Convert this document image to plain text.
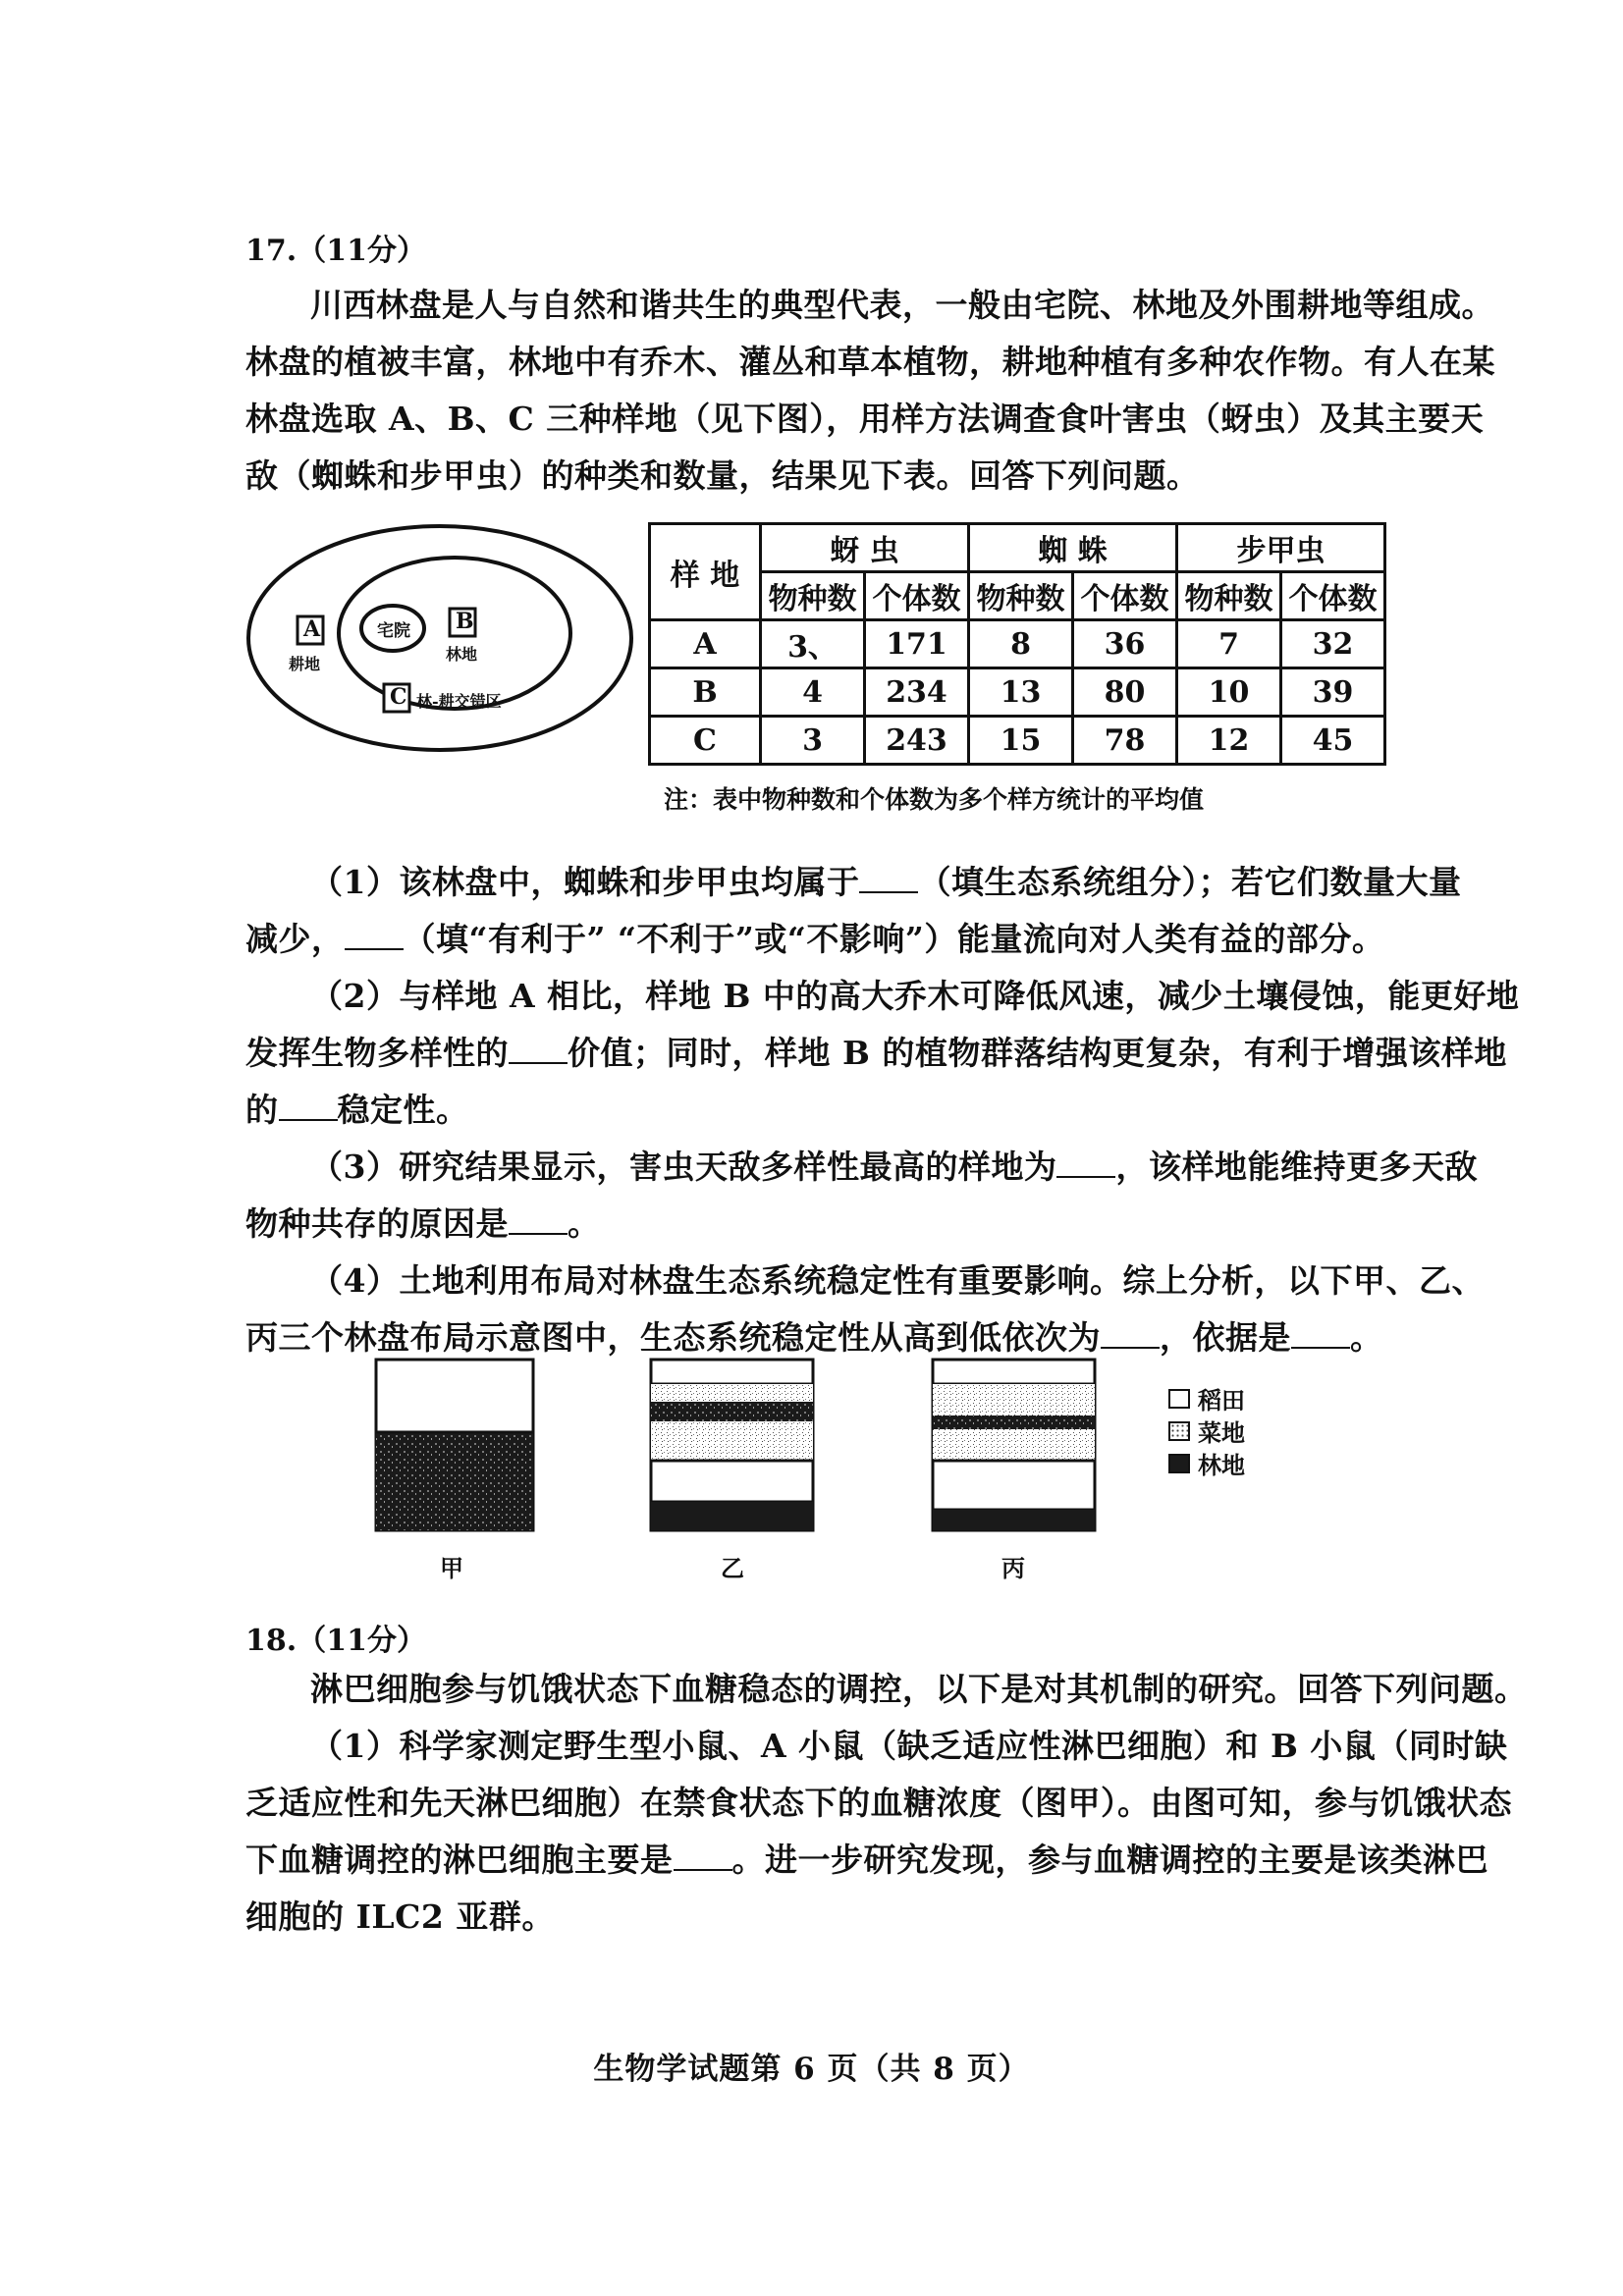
17.（11分）
川西林盘是人与自然和谐共生的典型代表，一般由宅院、林地及外围耕地等组成。
林盘的植被丰富，林地中有乔木、灌丛和草本植物，耕地种植有多种农作物。有人在某
林盘选取 A、B、C 三种样地（见下图），用样方法调查食叶害虫（蚜虫）及其主要天
敌（蜘蛛和步甲虫）的种类和数量，结果见下表。回答下列问题。
宅院
A	B
C
耕地
林地
林-耕交错区
样 地	蚜 虫		蜘 蛛		步甲虫	
	物种数	个体数	物种数	个体数	物种数	个体数
A	3、	171	8	36	7	32
B	4	234	13	80	10	39
C	3	243	15	78	12	45
注：表中物种数和个体数为多个样方统计的平均值
（1）该林盘中，蜘蛛和步甲虫均属于 （填生态系统组分）；若它们数量大量
减少， （填“有利于” “不利于”或“不影响”）能量流向对人类有益的部分。
（2）与样地 A 相比，样地 B 中的高大乔木可降低风速，减少土壤侵蚀，能更好地
发挥生物多样性的 价值；同时，样地 B 的植物群落结构更复杂，有利于增强该样地
的 稳定性。
（3）研究结果显示，害虫天敌多样性最高的样地为 ，该样地能维持更多天敌
物种共存的原因是 。
（4）土地利用布局对林盘生态系统稳定性有重要影响。综上分析，以下甲、乙、
丙三个林盘布局示意图中，生态系统稳定性从高到低依次为 ，依据是 。
甲	乙	丙
稻田
菜地
林地
18.（11分）
淋巴细胞参与饥饿状态下血糖稳态的调控，以下是对其机制的研究。回答下列问题。
（1）科学家测定野生型小鼠、A 小鼠（缺乏适应性淋巴细胞）和 B 小鼠（同时缺
乏适应性和先天淋巴细胞）在禁食状态下的血糖浓度（图甲）。由图可知，参与饥饿状态
下血糖调控的淋巴细胞主要是 。进一步研究发现，参与血糖调控的主要是该类淋巴
细胞的 ILC2 亚群。
生物学试题第 6 页（共 8 页）
